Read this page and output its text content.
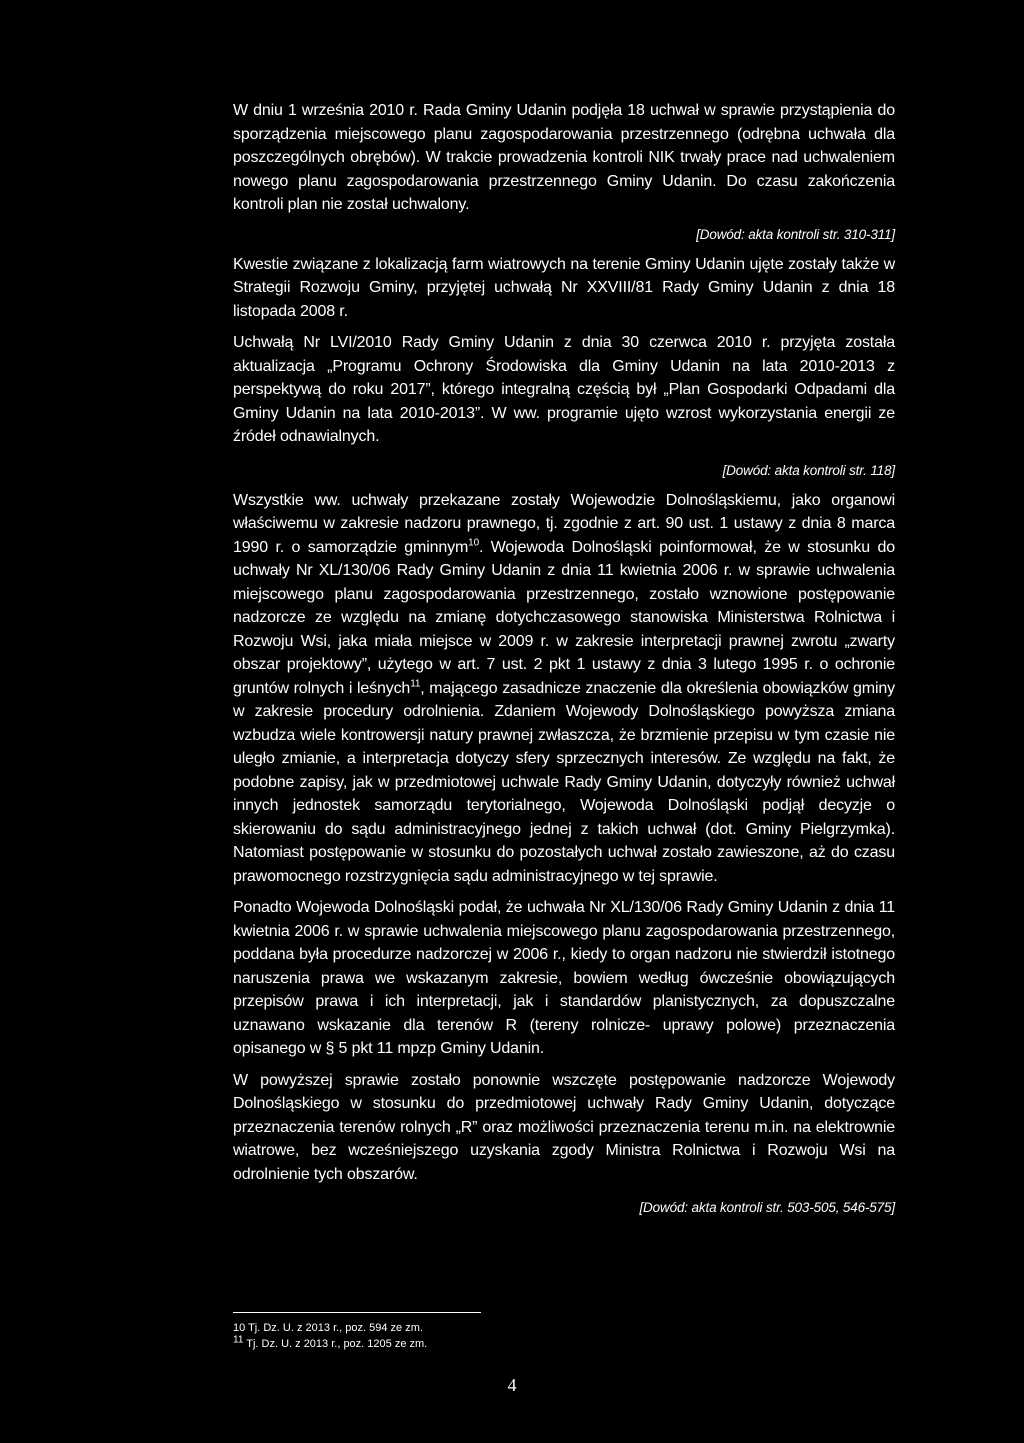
W dniu 1 września 2010 r. Rada Gminy Udanin podjęła 18 uchwał w sprawie przystąpienia do sporządzenia miejscowego planu zagospodarowania przestrzennego (odrębna uchwała dla poszczególnych obrębów). W trakcie prowadzenia kontroli NIK trwały prace nad uchwaleniem nowego planu zagospodarowania przestrzennego Gminy Udanin. Do czasu zakończenia kontroli plan nie został uchwalony.

[Dowód: akta kontroli str. 310-311]

Kwestie związane z lokalizacją farm wiatrowych na terenie Gminy Udanin ujęte zostały także w Strategii Rozwoju Gminy, przyjętej uchwałą Nr XXVIII/81 Rady Gminy Udanin z dnia 18 listopada 2008 r.

Uchwałą Nr LVI/2010 Rady Gminy Udanin z dnia 30 czerwca 2010 r. przyjęta została aktualizacja „Programu Ochrony Środowiska dla Gminy Udanin na lata 2010-2013 z perspektywą do roku 2017”, którego integralną częścią był „Plan Gospodarki Odpadami dla Gminy Udanin na lata 2010-2013”. W ww. programie ujęto wzrost wykorzystania energii ze źródeł odnawialnych.

[Dowód: akta kontroli str. 118]

Wszystkie ww. uchwały przekazane zostały Wojewodzie Dolnośląskiemu, jako organowi właściwemu w zakresie nadzoru prawnego, tj. zgodnie z art. 90 ust. 1 ustawy z dnia 8 marca 1990 r. o samorządzie gminnym$^{10}$. Wojewoda Dolnośląski poinformował, że w stosunku do uchwały Nr XL/130/06 Rady Gminy Udanin z dnia 11 kwietnia 2006 r. w sprawie uchwalenia miejscowego planu zagospodarowania przestrzennego, zostało wznowione postępowanie nadzorcze ze względu na zmianę dotychczasowego stanowiska Ministerstwa Rolnictwa i Rozwoju Wsi, jaka miała miejsce w 2009 r. w zakresie interpretacji prawnej zwrotu „zwarty obszar projektowy”, użytego w art. 7 ust. 2 pkt 1 ustawy z dnia 3 lutego 1995 r. o ochronie gruntów rolnych i leśnych$^{11}$, mającego zasadnicze znaczenie dla określenia obowiązków gminy w zakresie procedury odrolnienia. Zdaniem Wojewody Dolnośląskiego powyższa zmiana wzbudza wiele kontrowersji natury prawnej zwłaszcza, że brzmienie przepisu w tym czasie nie uległo zmianie, a interpretacja dotyczy sfery sprzecznych interesów. Ze względu na fakt, że podobne zapisy, jak w przedmiotowej uchwale Rady Gminy Udanin, dotyczyły również uchwał innych jednostek samorządu terytorialnego, Wojewoda Dolnośląski podjął decyzje o skierowaniu do sądu administracyjnego jednej z takich uchwał (dot. Gminy Pielgrzymka). Natomiast postępowanie w stosunku do pozostałych uchwał zostało zawieszone, aż do czasu prawomocnego rozstrzygnięcia sądu administracyjnego w tej sprawie.

Ponadto Wojewoda Dolnośląski podał, że uchwała Nr XL/130/06 Rady Gminy Udanin z dnia 11 kwietnia 2006 r. w sprawie uchwalenia miejscowego planu zagospodarowania przestrzennego, poddana była procedurze nadzorczej w 2006 r., kiedy to organ nadzoru nie stwierdził istotnego naruszenia prawa we wskazanym zakresie, bowiem według ówcześnie obowiązujących przepisów prawa i ich interpretacji, jak i standardów planistycznych, za dopuszczalne uznawano wskazanie dla terenów R (tereny rolnicze- uprawy polowe) przeznaczenia opisanego w § 5 pkt 11 mpzp Gminy Udanin.

W powyższej sprawie zostało ponownie wszczęte postępowanie nadzorcze Wojewody Dolnośląskiego w stosunku do przedmiotowej uchwały Rady Gminy Udanin, dotyczące przeznaczenia terenów rolnych „R” oraz możliwości przeznaczenia terenu m.in. na elektrownie wiatrowe, bez wcześniejszego uzyskania zgody Ministra Rolnictwa i Rozwoju Wsi na odrolnienie tych obszarów.

[Dowód: akta kontroli str. 503-505, 546-575]

10 Tj. Dz. U. z 2013 r., poz. 594 ze zm.
$^{11}$ Tj. Dz. U. z 2013 r., poz. 1205 ze zm.
4
